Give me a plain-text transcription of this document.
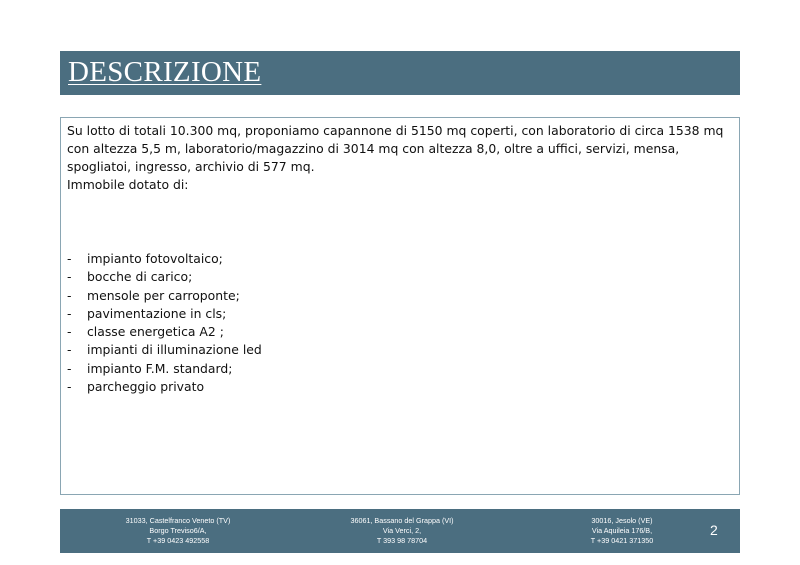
DESCRIZIONE

Su lotto di totali 10.300 mq, proponiamo capannone di 5150 mq coperti, con laboratorio di circa 1538 mq con altezza 5,5 m, laboratorio/magazzino di 3014 mq con altezza 8,0, oltre a uffici, servizi, mensa, spogliatoi, ingresso, archivio di 577 mq.

Immobile dotato di:

- impianto fotovoltaico;
- bocche di carico;
- mensole per carroponte;
- pavimentazione in cls;
- classe energetica A2 ;
- impianti di illuminazione led
- impianto F.M. standard;
- parcheggio privato
31033, Castelfranco Veneto (TV)
Borgo Treviso6/A,
T +39 0423 492558
36061, Bassano del Grappa (VI)
Via Verci, 2,
T 393 98 78704
30016, Jesolo (VE)
Via Aquileia 176/B,
T +39 0421 371350
2
